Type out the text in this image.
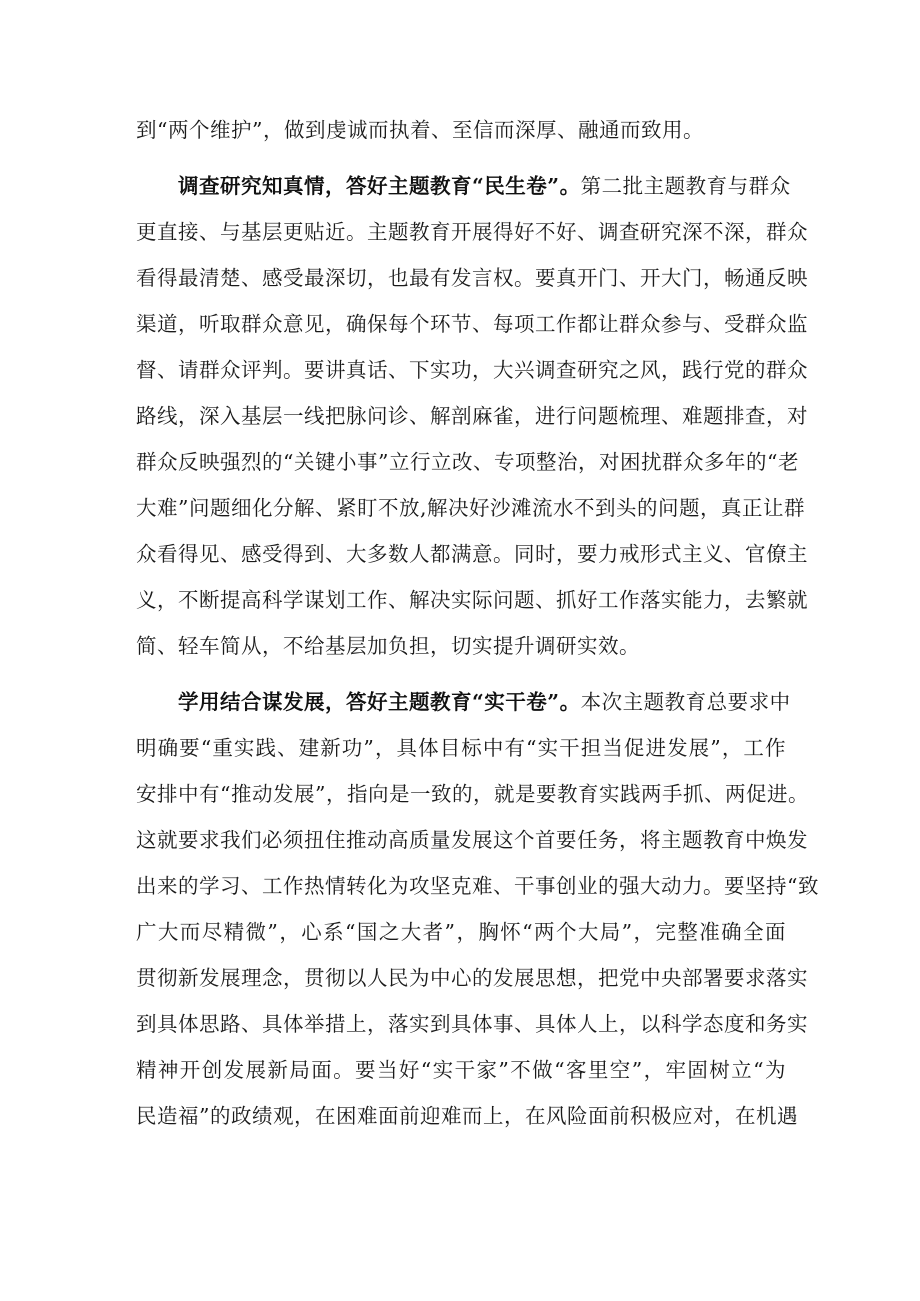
到“两个维护”，做到虔诚而执着、至信而深厚、融通而致用。
调查研究知真情，答好主题教育“民生卷”。第二批主题教育与群众
更直接、与基层更贴近。主题教育开展得好不好、调查研究深不深，群众
看得最清楚、感受最深切，也最有发言权。要真开门、开大门，畅通反映
渠道，听取群众意见，确保每个环节、每项工作都让群众参与、受群众监
督、请群众评判。要讲真话、下实功，大兴调查研究之风，践行党的群众
路线，深入基层一线把脉问诊、解剖麻雀，进行问题梳理、难题排查，对
群众反映强烈的“关键小事”立行立改、专项整治，对困扰群众多年的“老
大难”问题细化分解、紧盯不放,解决好沙滩流水不到头的问题，真正让群
众看得见、感受得到、大多数人都满意。同时，要力戒形式主义、官僚主
义，不断提高科学谋划工作、解决实际问题、抓好工作落实能力，去繁就
简、轻车简从，不给基层加负担，切实提升调研实效。
学用结合谋发展，答好主题教育“实干卷”。本次主题教育总要求中
明确要“重实践、建新功”，具体目标中有“实干担当促进发展”，工作
安排中有“推动发展”，指向是一致的，就是要教育实践两手抓、两促进。
这就要求我们必须扭住推动高质量发展这个首要任务，将主题教育中焕发
出来的学习、工作热情转化为攻坚克难、干事创业的强大动力。要坚持“致
广大而尽精微”，心系“国之大者”，胸怀“两个大局”，完整准确全面
贯彻新发展理念，贯彻以人民为中心的发展思想，把党中央部署要求落实
到具体思路、具体举措上，落实到具体事、具体人上，以科学态度和务实
精神开创发展新局面。要当好“实干家”不做“客里空”，牢固树立“为
民造福”的政绩观，在困难面前迎难而上，在风险面前积极应对，在机遇
